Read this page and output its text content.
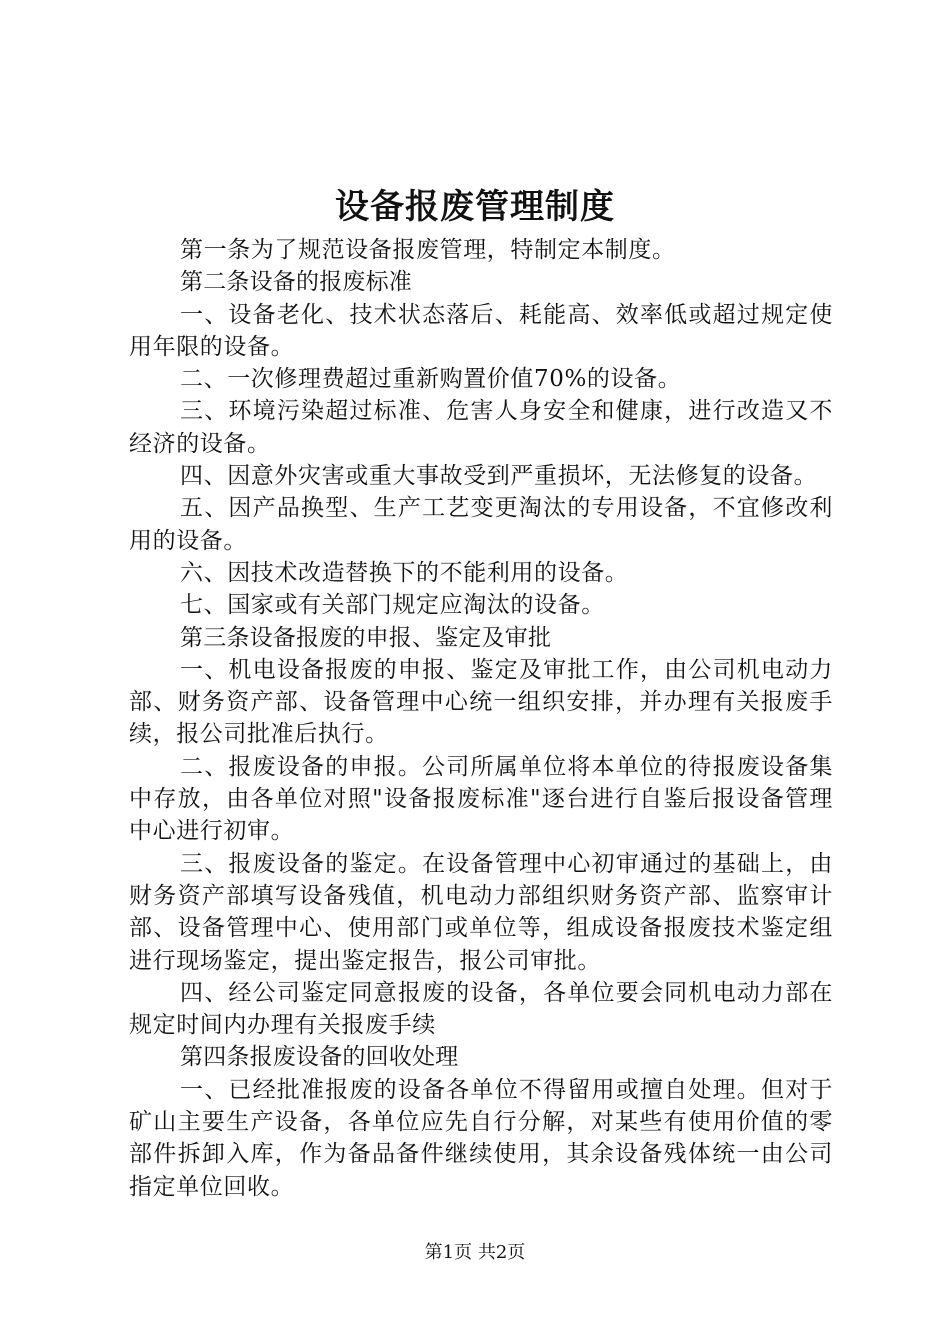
设备报废管理制度

第一条为了规范设备报废管理，特制定本制度。

第二条设备的报废标准

一、设备老化、技术状态落后、耗能高、效率低或超过规定使用年限的设备。

二、一次修理费超过重新购置价值70%的设备。

三、环境污染超过标准、危害人身安全和健康，进行改造又不经济的设备。

四、因意外灾害或重大事故受到严重损坏，无法修复的设备。

五、因产品换型、生产工艺变更淘汰的专用设备，不宜修改利用的设备。

六、因技术改造替换下的不能利用的设备。

七、国家或有关部门规定应淘汰的设备。

第三条设备报废的申报、鉴定及审批

一、机电设备报废的申报、鉴定及审批工作，由公司机电动力部、财务资产部、设备管理中心统一组织安排，并办理有关报废手续，报公司批准后执行。

二、报废设备的申报。公司所属单位将本单位的待报废设备集中存放，由各单位对照"设备报废标准"逐台进行自鉴后报设备管理中心进行初审。

三、报废设备的鉴定。在设备管理中心初审通过的基础上，由财务资产部填写设备残值，机电动力部组织财务资产部、监察审计部、设备管理中心、使用部门或单位等，组成设备报废技术鉴定组进行现场鉴定，提出鉴定报告，报公司审批。

四、经公司鉴定同意报废的设备，各单位要会同机电动力部在规定时间内办理有关报废手续

第四条报废设备的回收处理

一、已经批准报废的设备各单位不得留用或擅自处理。但对于矿山主要生产设备，各单位应先自行分解，对某些有使用价值的零部件拆卸入库，作为备品备件继续使用，其余设备残体统一由公司指定单位回收。

第1页 共2页
